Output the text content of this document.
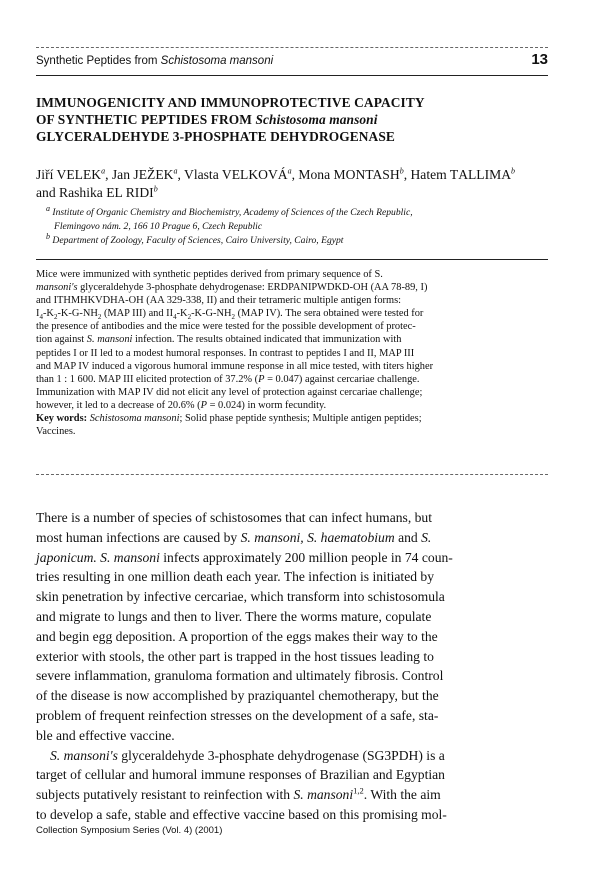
Synthetic Peptides from Schistosoma mansoni	13
IMMUNOGENICITY AND IMMUNOPROTECTIVE CAPACITY
OF SYNTHETIC PEPTIDES FROM Schistosoma mansoni
GLYCERALDEHYDE 3-PHOSPHATE DEHYDROGENASE
Jiří VELEK$^a$, Jan JEŽEK$^a$, Vlasta VELKOVÁ$^a$, Mona MONTASH$^b$, Hatem TALLIMA$^b$
and Rashika EL RIDI$^b$
$^a$ Institute of Organic Chemistry and Biochemistry, Academy of Sciences of the Czech Republic,
Flemingovo nám. 2, 166 10 Prague 6, Czech Republic
$^b$ Department of Zoology, Faculty of Sciences, Cairo University, Cairo, Egypt
Mice were immunized with synthetic peptides derived from primary sequence of S.
mansoni's glyceraldehyde 3-phosphate dehydrogenase: ERDPANIPWDKD-OH (AA 78-89, I)
and ITHMHKVDHA-OH (AA 329-338, II) and their tetrameric multiple antigen forms:
$I_4-K_2-K-G-NH_2$ (MAP III) and $II_4-K_2-K-G-NH_2$ (MAP IV). The sera obtained were tested for
the presence of antibodies and the mice were tested for the possible development of protec-
tion against S. mansoni infection. The results obtained indicated that immunization with
peptides I or II led to a modest humoral responses. In contrast to peptides I and II, MAP III
and MAP IV induced a vigorous humoral immune response in all mice tested, with titers higher
than 1 : 1 600. MAP III elicited protection of 37.2% (P = 0.047) against cercariae challenge.
Immunization with MAP IV did not elicit any level of protection against cercariae challenge;
however, it led to a decrease of 20.6% (P = 0.024) in worm fecundity.
Key words: Schistosoma mansoni; Solid phase peptide synthesis; Multiple antigen peptides;
Vaccines.
There is a number of species of schistosomes that can infect humans, but
most human infections are caused by S. mansoni, S. haematobium and S.
japonicum. S. mansoni infects approximately 200 million people in 74 coun-
tries resulting in one million death each year. The infection is initiated by
skin penetration by infective cercariae, which transform into schistosomula
and migrate to lungs and then to liver. There the worms mature, copulate
and begin egg deposition. A proportion of the eggs makes their way to the
exterior with stools, the other part is trapped in the host tissues leading to
severe inflammation, granuloma formation and ultimately fibrosis. Control
of the disease is now accomplished by praziquantel chemotherapy, but the
problem of frequent reinfection stresses on the development of a safe, sta-
ble and effective vaccine.
S. mansoni's glyceraldehyde 3-phosphate dehydrogenase (SG3PDH) is a
target of cellular and humoral immune responses of Brazilian and Egyptian
subjects putatively resistant to reinfection with S. mansoni$^{1,2}$. With the aim
to develop a safe, stable and effective vaccine based on this promising mol-
Collection Symposium Series (Vol. 4) (2001)
